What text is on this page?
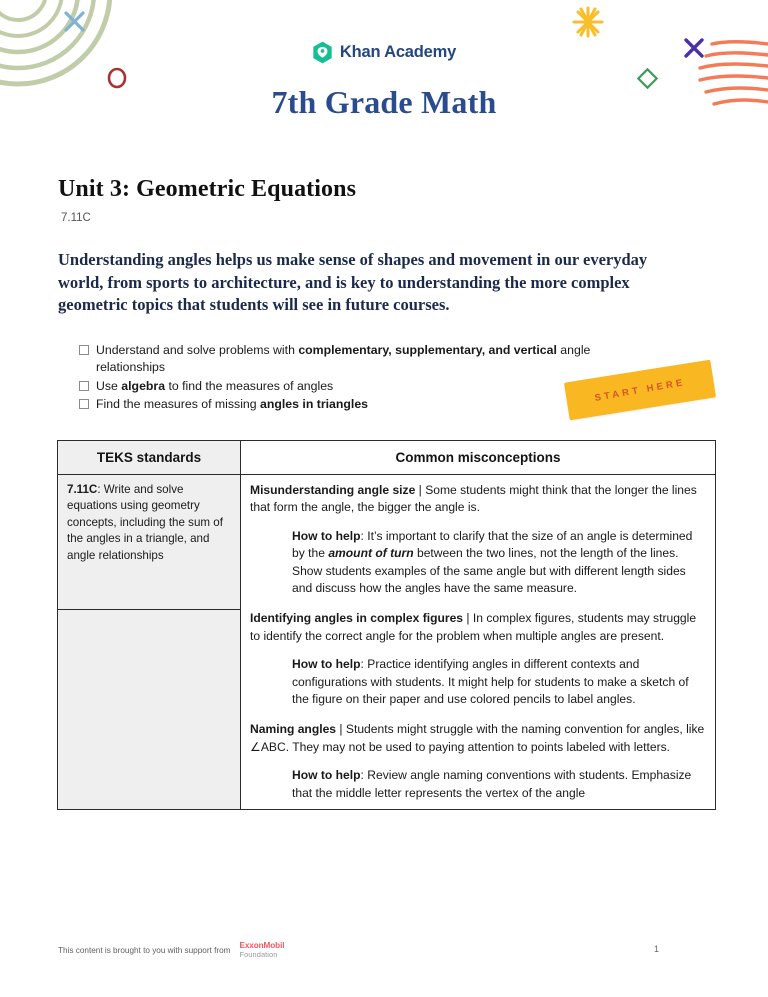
Khan Academy
7th Grade Math
Unit 3: Geometric Equations
7.11C
Understanding angles helps us make sense of shapes and movement in our everyday world, from sports to architecture, and is key to understanding the more complex geometric topics that students will see in future courses.
Understand and solve problems with complementary, supplementary, and vertical angle relationships
Use algebra to find the measures of angles
Find the measures of missing angles in triangles
START HERE
TEKS standards	Common misconceptions
7.11C: Write and solve equations using geometry concepts, including the sum of the angles in a triangle, and angle relationships	
Misunderstanding angle size | Some students might think that the longer the lines that form the angle, the bigger the angle is.
How to help: It’s important to clarify that the size of an angle is determined by the amount of turn between the two lines, not the length of the lines. Show students examples of the same angle but with different length sides and discuss how the angles have the same measure.
Identifying angles in complex figures | In complex figures, students may struggle to identify the correct angle for the problem when multiple angles are present.
How to help: Practice identifying angles in different contexts and configurations with students. It might help for students to make a sketch of the figure on their paper and use colored pencils to label angles.
Naming angles | Students might struggle with the naming convention for angles, like ∠ABC. They may not be used to paying attention to points labeled with letters.
How to help: Review angle naming conventions with students. Emphasize that the middle letter represents the vertex of the angle

This content is brought to you with support from
ExxonMobil
Foundation
1
